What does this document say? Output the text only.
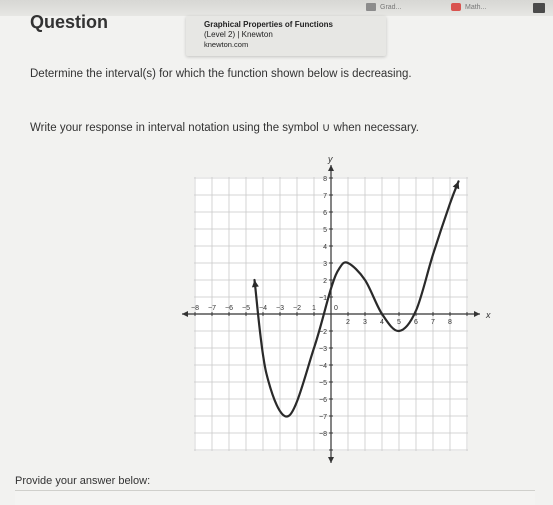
Grad...	Math...
Question	Graphical Properties of Functions
(Level 2) | Knewton
knewton.com
Determine the interval(s) for which the function shown below is decreasing.
Write your response in interval notation using the symbol ∪ when necessary.
x
y
−8 −7 −6 −5 −4 −3 −2 1
2 3 4 5 6 7 8
0
8
7
6
5
4
3
2
−1
−2
−3
−4
−5
−6
−7
−8
Provide your answer below:
